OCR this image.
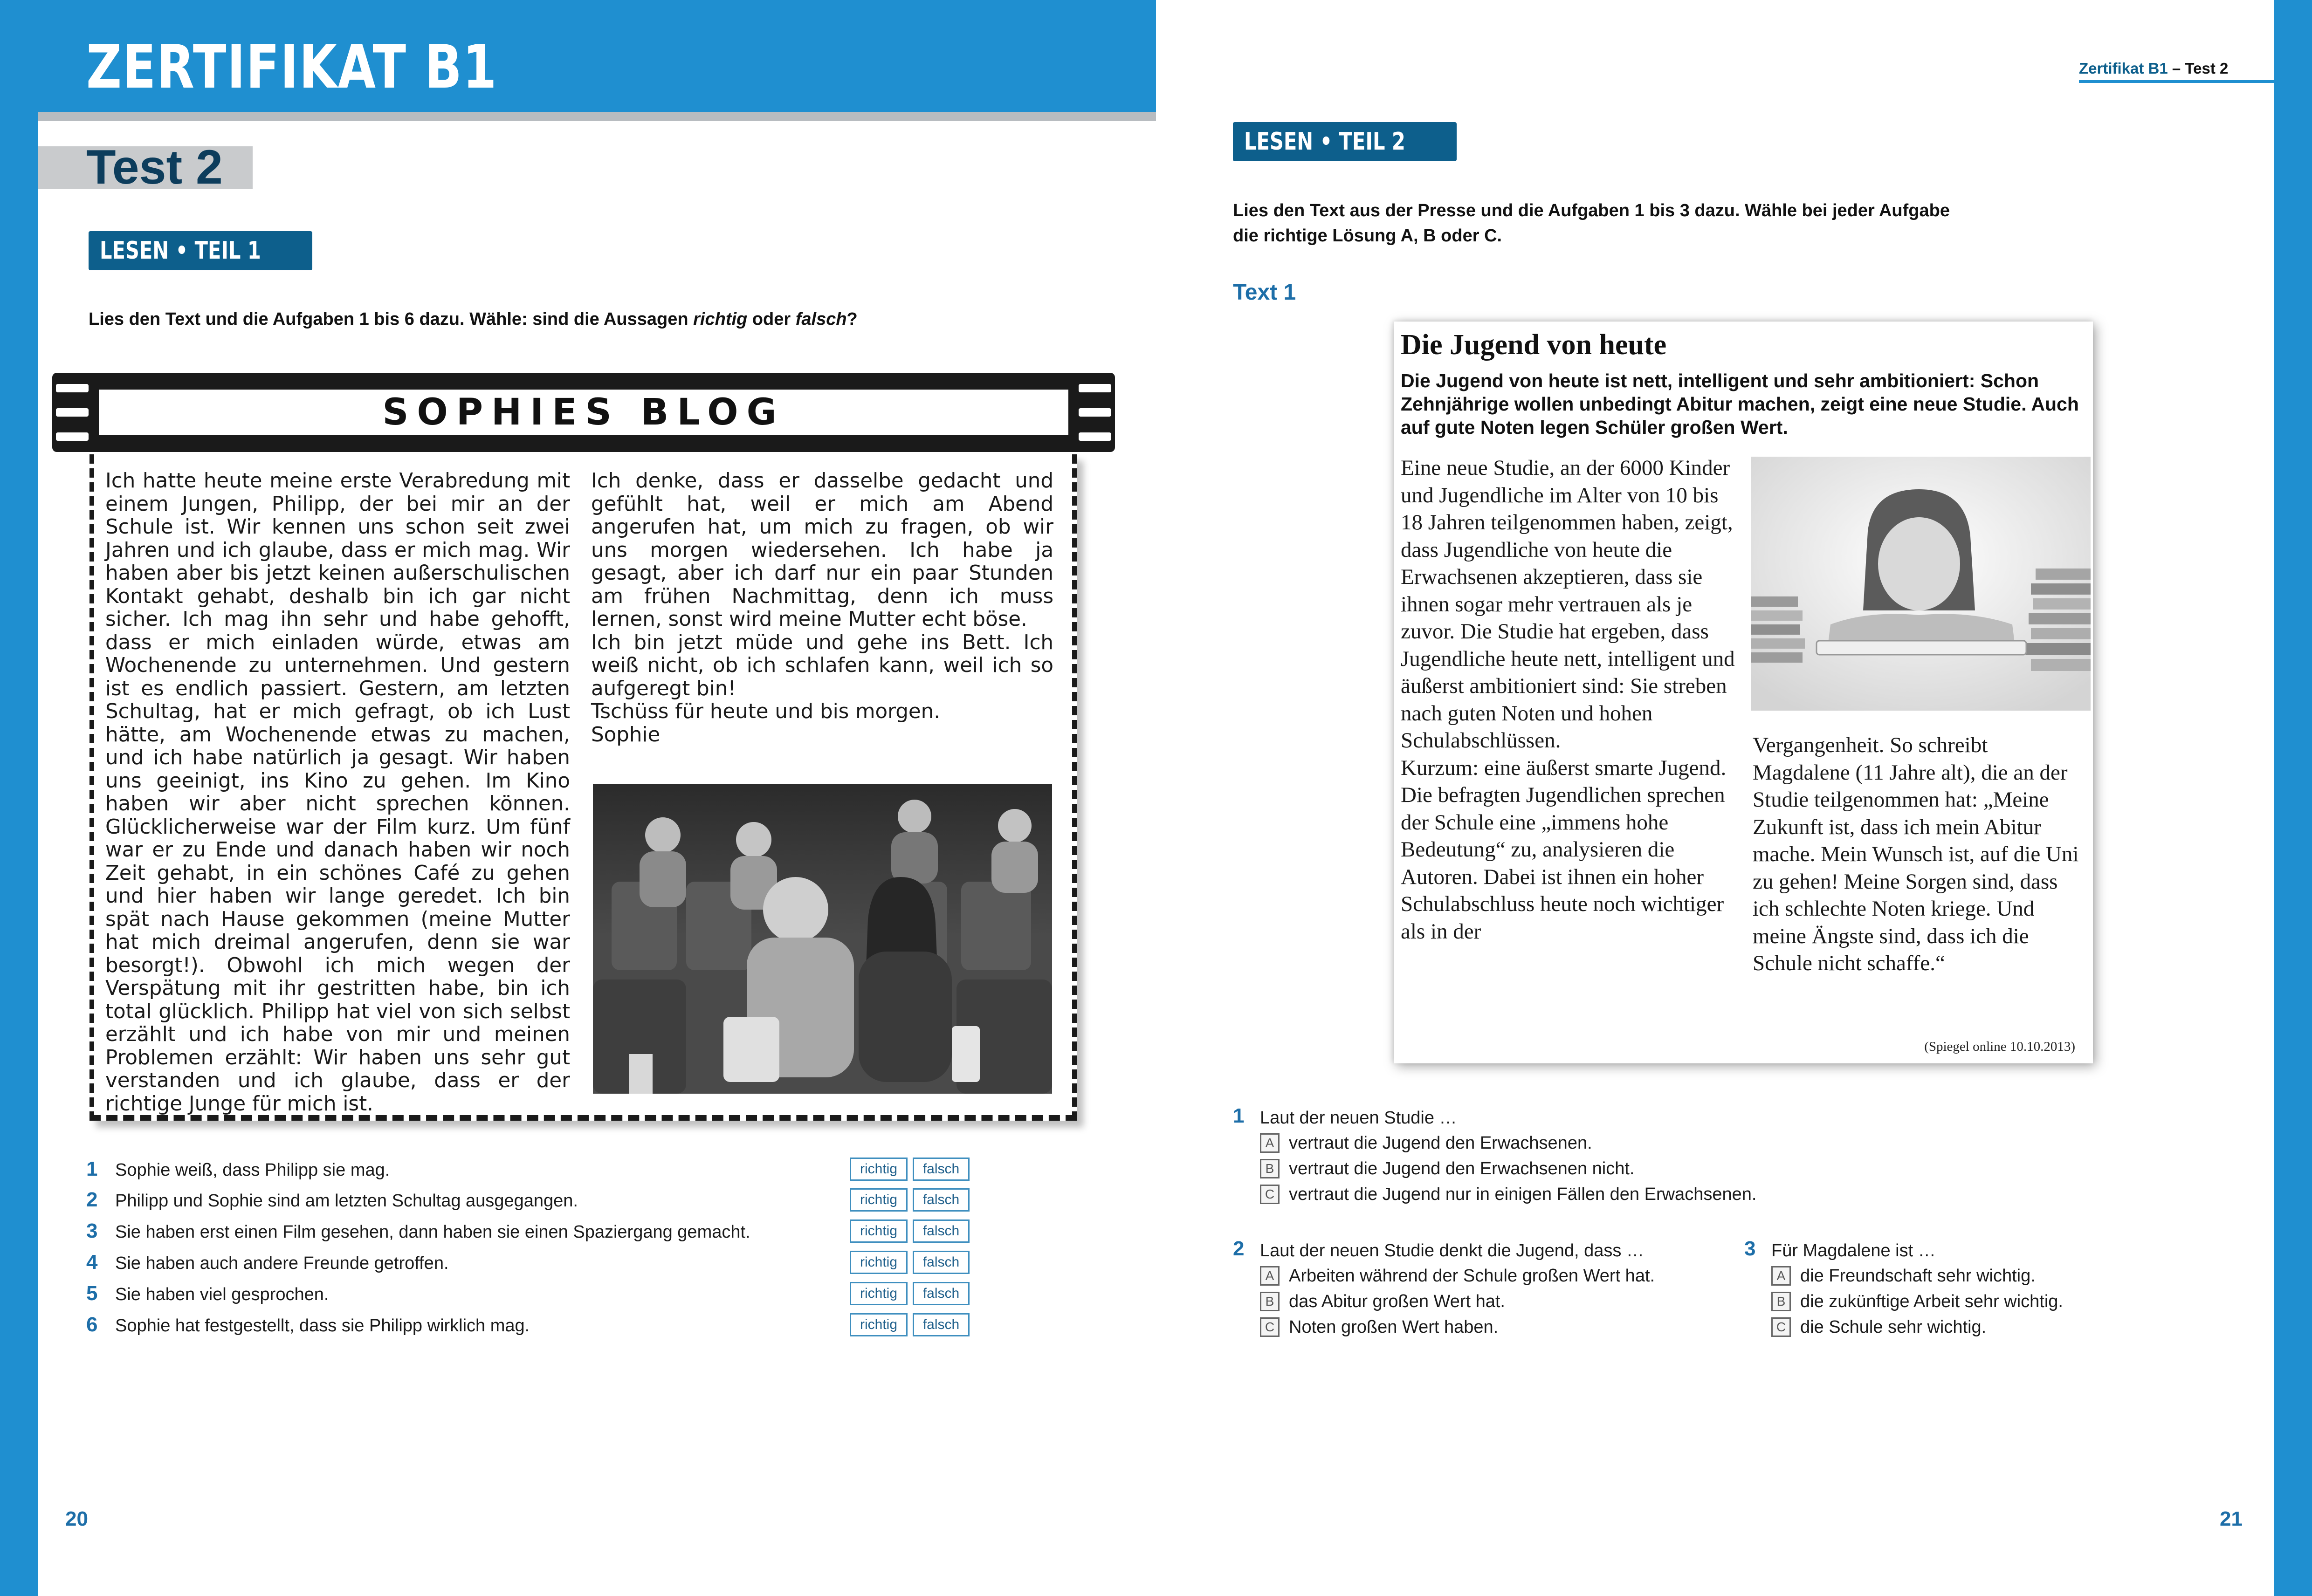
ZERTIFIKAT B1
Test 2
LESEN • TEIL 1
Lies den Text und die Aufgaben 1 bis 6 dazu. Wähle: sind die Aussagen richtig oder falsch?
SOPHIES BLOG
Ich hatte heute meine erste Verabredung mit einem Jungen, Philipp, der bei mir an der Schule ist. Wir kennen uns schon seit zwei Jahren und ich glaube, dass er mich mag. Wir haben aber bis jetzt keinen außerschulischen Kontakt gehabt, deshalb bin ich gar nicht sicher. Ich mag ihn sehr und habe gehofft, dass er mich einladen würde, etwas am Wochenende zu unternehmen. Und gestern ist es endlich passiert. Gestern, am letzten Schultag, hat er mich gefragt, ob ich Lust hätte, am Wochenende etwas zu machen, und ich habe natürlich ja gesagt. Wir haben uns geeinigt, ins Kino zu gehen. Im Kino haben wir aber nicht sprechen können. Glücklicherweise war der Film kurz. Um fünf war er zu Ende und danach haben wir noch Zeit gehabt, in ein schönes Café zu gehen und hier haben wir lange geredet. Ich bin spät nach Hause gekommen (meine Mutter hat mich dreimal angerufen, denn sie war besorgt!). Obwohl ich mich wegen der Verspätung mit ihr gestritten habe, bin ich total glücklich. Philipp hat viel von sich selbst erzählt und ich habe von mir und meinen Problemen erzählt: Wir haben uns sehr gut verstanden und ich glaube, dass er der richtige Junge für mich ist.
Ich denke, dass er dasselbe gedacht und gefühlt hat, weil er mich am Abend angerufen hat, um mich zu fragen, ob wir uns morgen wiedersehen. Ich habe ja gesagt, aber ich darf nur ein paar Stunden am frühen Nachmittag, denn ich muss lernen, sonst wird meine Mutter echt böse.
Ich bin jetzt müde und gehe ins Bett. Ich weiß nicht, ob ich schlafen kann, weil ich so aufgeregt bin!
Tschüss für heute und bis morgen.
Sophie
1 Sophie weiß, dass Philipp sie mag.	richtig	falsch
2 Philipp und Sophie sind am letzten Schultag ausgegangen.	richtig	falsch
3 Sie haben erst einen Film gesehen, dann haben sie einen Spaziergang gemacht.	richtig	falsch
4 Sie haben auch andere Freunde getroffen.	richtig	falsch
5 Sie haben viel gesprochen.	richtig	falsch
6 Sophie hat festgestellt, dass sie Philipp wirklich mag.	richtig	falsch
20
Zertifikat B1 – Test 2
LESEN • TEIL 2
Lies den Text aus der Presse und die Aufgaben 1 bis 3 dazu. Wähle bei jeder Aufgabe
die richtige Lösung A, B oder C.
Text 1
Die Jugend von heute
Die Jugend von heute ist nett, intelligent und sehr ambitioniert: Schon Zehnjährige wollen unbedingt Abitur machen, zeigt eine neue Studie. Auch auf gute Noten legen Schüler großen Wert.
Eine neue Studie, an der 6000 Kinder und Jugendliche im Alter von 10 bis 18 Jahren teilgenommen haben, zeigt, dass Jugendliche von heute die Erwachsenen akzeptieren, dass sie ihnen sogar mehr vertrauen als je zuvor. Die Studie hat ergeben, dass Jugendliche heute nett, intelligent und äußerst ambitioniert sind: Sie streben nach guten Noten und hohen Schulabschlüssen.
Kurzum: eine äußerst smarte Jugend.
Die befragten Jugendlichen sprechen der Schule eine „immens hohe Bedeutung“ zu, analysieren die Autoren. Dabei ist ihnen ein hoher Schulabschluss heute noch wichtiger als in der
Vergangenheit. So schreibt Magdalene (11 Jahre alt), die an der Studie teilgenommen hat: „Meine Zukunft ist, dass ich mein Abitur mache. Mein Wunsch ist, auf die Uni zu gehen! Meine Sorgen sind, dass ich schlechte Noten kriege. Und meine Ängste sind, dass ich die Schule nicht schaffe.“
(Spiegel online 10.10.2013)
1 Laut der neuen Studie …
A vertraut die Jugend den Erwachsenen.
B vertraut die Jugend den Erwachsenen nicht.
C vertraut die Jugend nur in einigen Fällen den Erwachsenen.
2 Laut der neuen Studie denkt die Jugend, dass …
A Arbeiten während der Schule großen Wert hat.
B das Abitur großen Wert hat.
C Noten großen Wert haben.
3 Für Magdalene ist …
A die Freundschaft sehr wichtig.
B die zukünftige Arbeit sehr wichtig.
C die Schule sehr wichtig.
21
